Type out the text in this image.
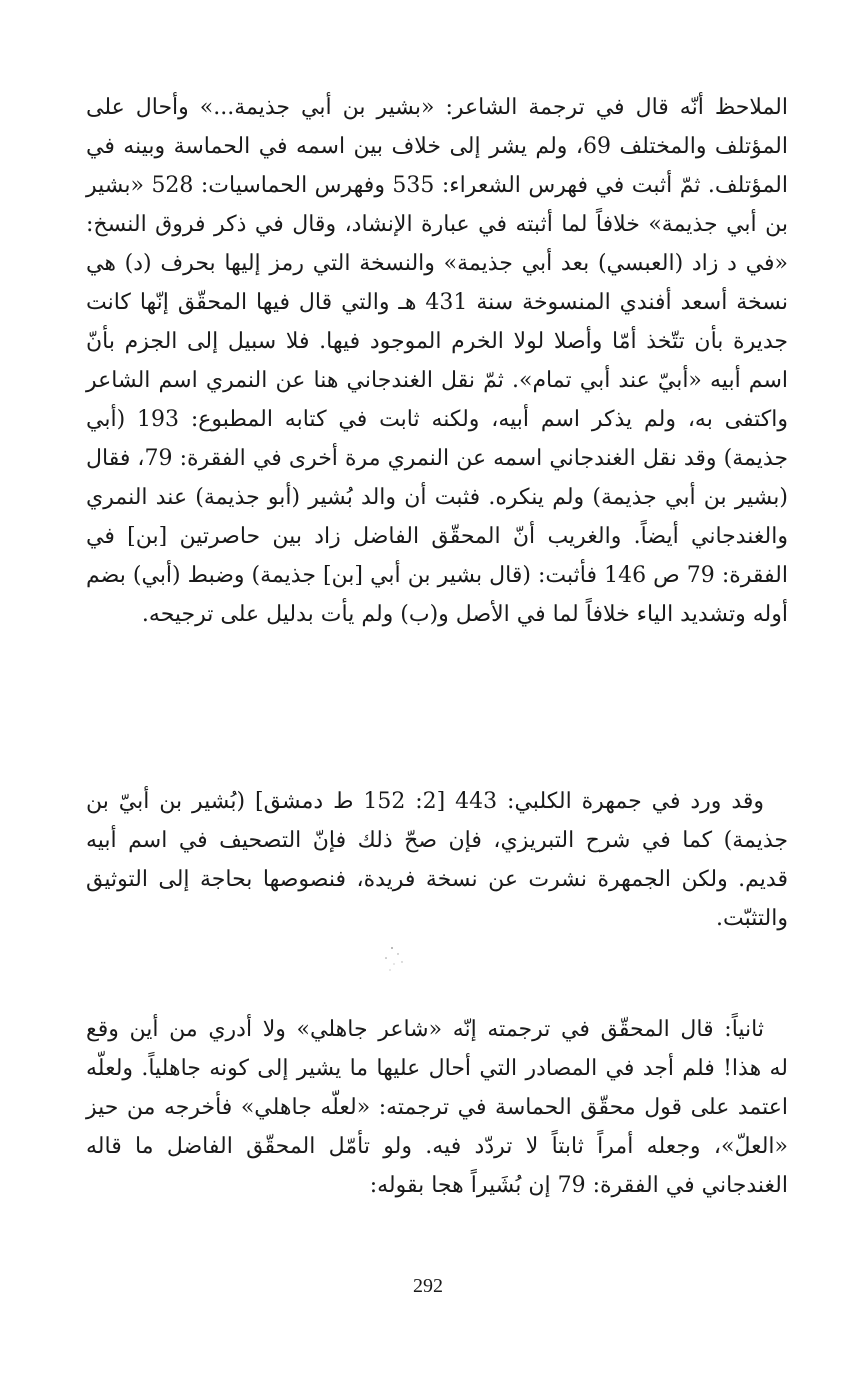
الملاحظ أنّه قال في ترجمة الشاعر: «بشير بن أبي جذيمة...» وأحال على
المؤتلف والمختلف 69، ولم يشر إلى خلاف بين اسمه في الحماسة وبينه في
المؤتلف. ثمّ أثبت في فهرس الشعراء: 535 وفهرس الحماسيات: 528 «بشير
بن أبي جذيمة» خلافاً لما أثبته في عبارة الإنشاد، وقال في ذكر فروق النسخ:
«في د زاد (العبسي) بعد أبي جذيمة» والنسخة التي رمز إليها بحرف (د) هي
نسخة أسعد أفندي المنسوخة سنة 431 هـ والتي قال فيها المحقّق إنّها كانت
جديرة بأن تتّخذ أمّا وأصلا لولا الخرم الموجود فيها. فلا سبيل إلى الجزم بأنّ
اسم أبيه «أبيّ عند أبي تمام». ثمّ نقل الغندجاني هنا عن النمري اسم الشاعر
واكتفى به، ولم يذكر اسم أبيه، ولكنه ثابت في كتابه المطبوع: 193 (أبي
جذيمة) وقد نقل الغندجاني اسمه عن النمري مرة أخرى في الفقرة: 79، فقال
(بشير بن أبي جذيمة) ولم ينكره. فثبت أن والد بُشير (أبو جذيمة) عند النمري
والغندجاني أيضاً. والغريب أنّ المحقّق الفاضل زاد بين حاصرتين [بن] في
الفقرة: 79 ص 146 فأثبت: (قال بشير بن أبي [بن] جذيمة) وضبط (أبي) بضم
أوله وتشديد الياء خلافاً لما في الأصل و(ب) ولم يأت بدليل على ترجيحه.
وقد ورد في جمهرة الكلبي: 443 [2: 152 ط دمشق] (بُشير بن أبيّ بن
جذيمة) كما في شرح التبريزي، فإن صحّ ذلك فإنّ التصحيف في اسم أبيه
قديم. ولكن الجمهرة نشرت عن نسخة فريدة، فنصوصها بحاجة إلى التوثيق
والتثبّت.
ثانياً: قال المحقّق في ترجمته إنّه «شاعر جاهلي» ولا أدري من أين وقع
له هذا! فلم أجد في المصادر التي أحال عليها ما يشير إلى كونه جاهلياً. ولعلّه
اعتمد على قول محقّق الحماسة في ترجمته: «لعلّه جاهلي» فأخرجه من حيز
«العلّ»، وجعله أمراً ثابتاً لا تردّد فيه. ولو تأمّل المحقّق الفاضل ما قاله
الغندجاني في الفقرة: 79 إن بُشَيراً هجا بقوله:
292
